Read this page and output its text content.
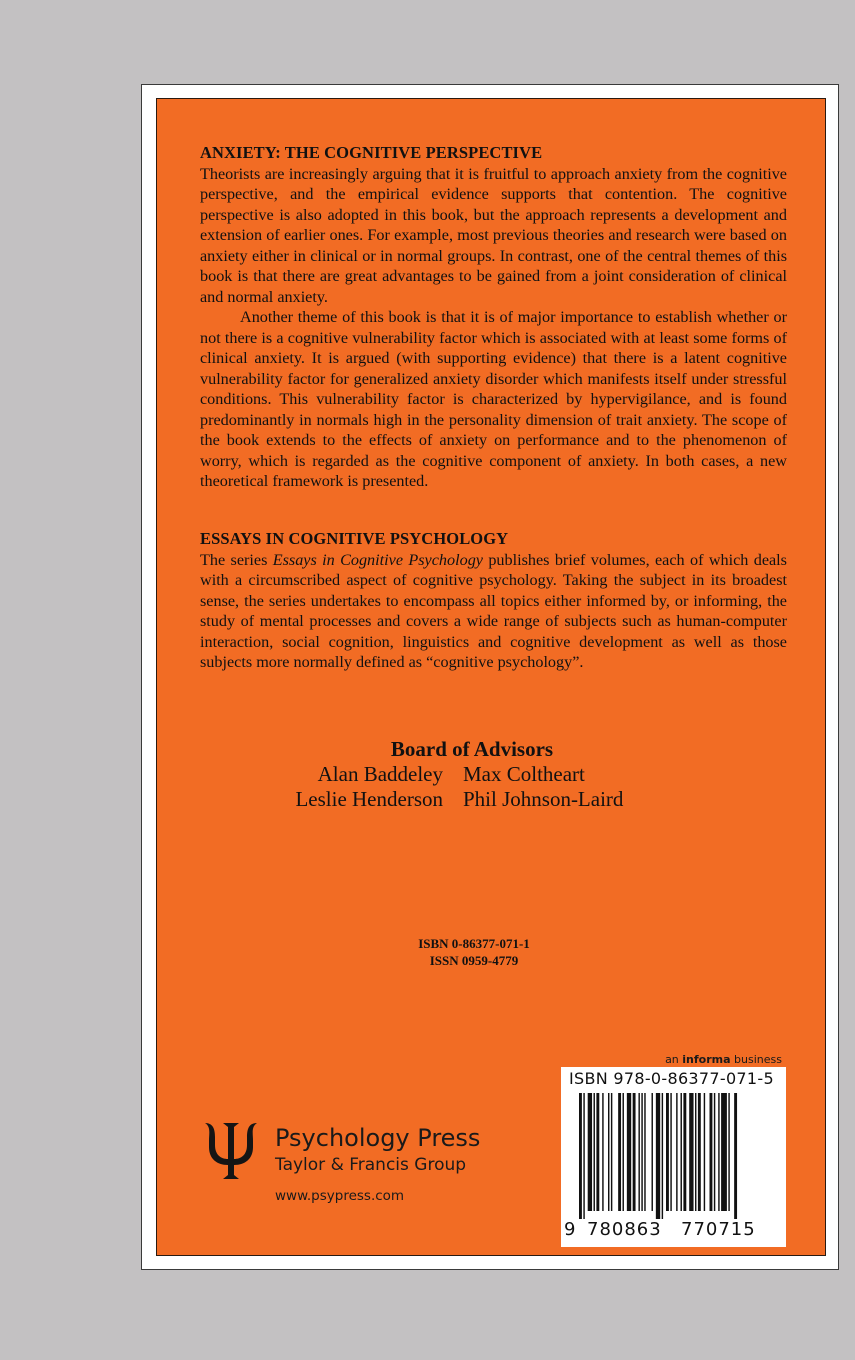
ANXIETY: THE COGNITIVE PERSPECTIVE

Theorists are increasingly arguing that it is fruitful to approach anxiety from the cognitive perspective, and the empirical evidence supports that contention. The cognitive perspective is also adopted in this book, but the approach represents a development and extension of earlier ones. For example, most previous theories and research were based on anxiety either in clinical or in normal groups. In contrast, one of the central themes of this book is that there are great advantages to be gained from a joint consideration of clinical and normal anxiety.

Another theme of this book is that it is of major importance to establish whether or not there is a cognitive vulnerability factor which is associated with at least some forms of clinical anxiety. It is argued (with supporting evidence) that there is a latent cognitive vulnerability factor for generalized anxiety disorder which manifests itself under stressful conditions. This vulnerability factor is characterized by hypervigilance, and is found predominantly in normals high in the personality dimension of trait anxiety. The scope of the book extends to the effects of anxiety on performance and to the phenomenon of worry, which is regarded as the cognitive component of anxiety. In both cases, a new theoretical framework is presented.

ESSAYS IN COGNITIVE PSYCHOLOGY

The series Essays in Cognitive Psychology publishes brief volumes, each of which deals with a circumscribed aspect of cognitive psychology. Taking the subject in its broadest sense, the series undertakes to encompass all topics either informed by, or informing, the study of mental processes and covers a wide range of subjects such as human-computer interaction, social cognition, linguistics and cognitive development as well as those subjects more normally defined as “cognitive psychology”.

Board of Advisors
Alan Baddeley Max Coltheart
Leslie Henderson Phil Johnson-Laird
ISBN 0-86377-071-1
ISSN 0959-4779
an informa business
Psychology Press
Taylor & Francis Group
www.psypress.com
ISBN 978-0-86377-071-5
9 780863 770715
